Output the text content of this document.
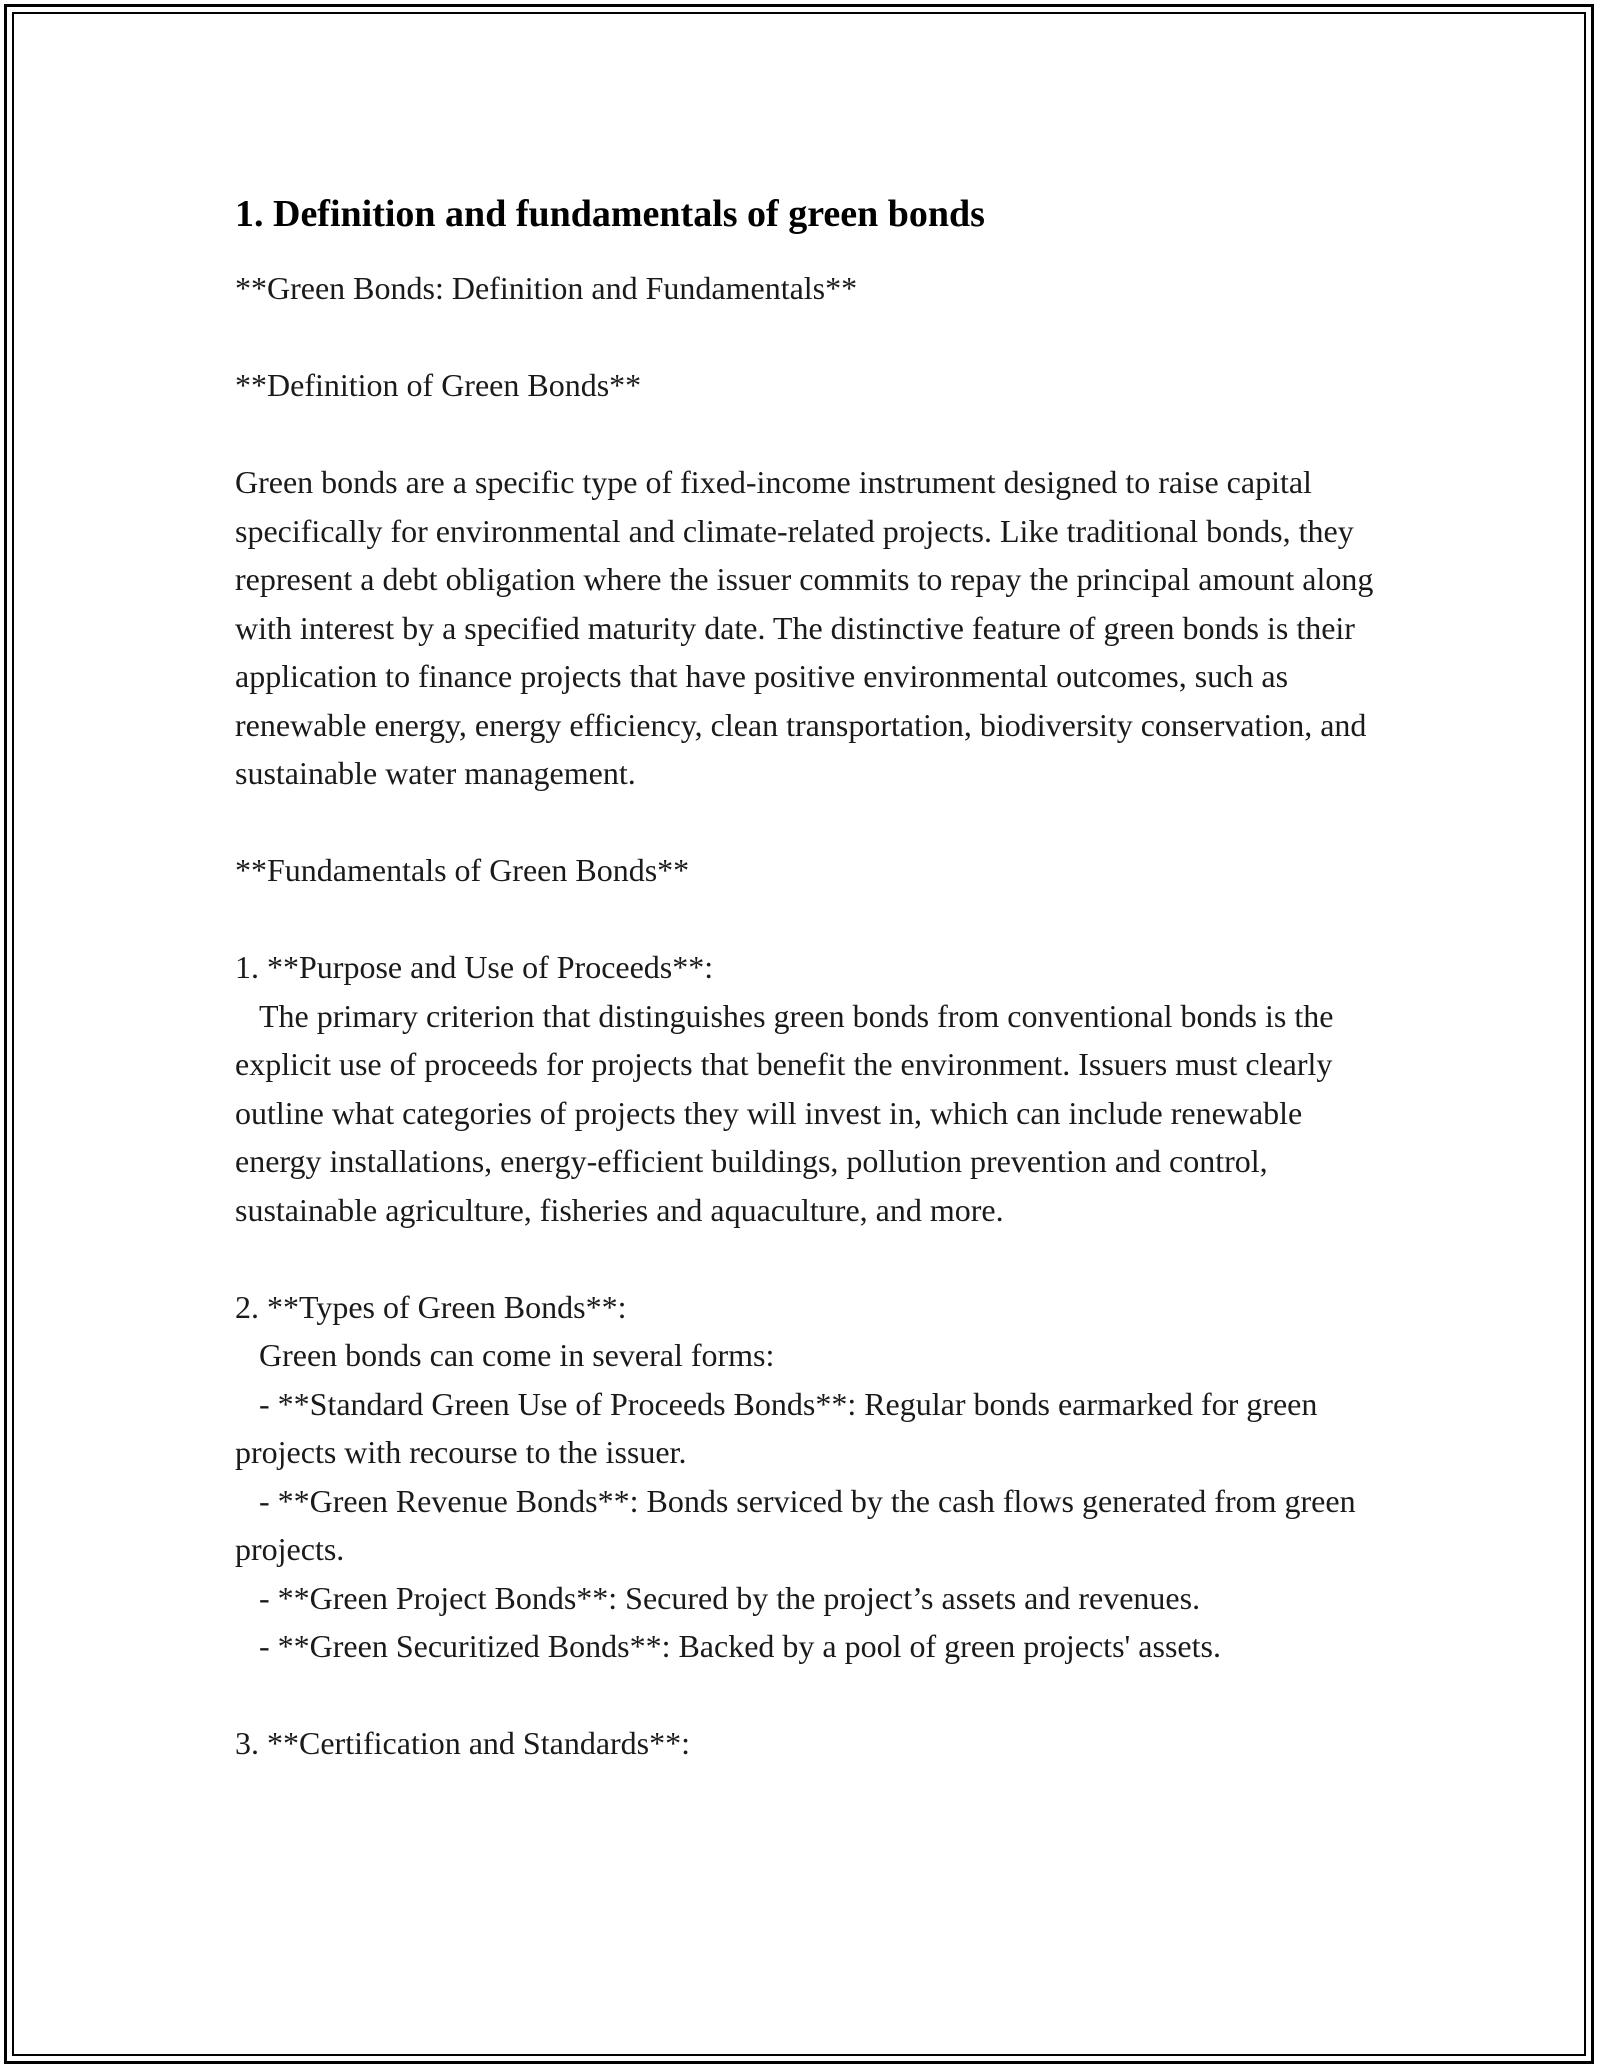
1. Definition and fundamentals of green bonds

**Green Bonds: Definition and Fundamentals**

**Definition of Green Bonds**

Green bonds are a specific type of fixed-income instrument designed to raise capital specifically for environmental and climate-related projects. Like traditional bonds, they represent a debt obligation where the issuer commits to repay the principal amount along with interest by a specified maturity date. The distinctive feature of green bonds is their application to finance projects that have positive environmental outcomes, such as renewable energy, energy efficiency, clean transportation, biodiversity conservation, and sustainable water management.

**Fundamentals of Green Bonds**

1. **Purpose and Use of Proceeds**:

The primary criterion that distinguishes green bonds from conventional bonds is the explicit use of proceeds for projects that benefit the environment. Issuers must clearly outline what categories of projects they will invest in, which can include renewable energy installations, energy-efficient buildings, pollution prevention and control, sustainable agriculture, fisheries and aquaculture, and more.

2. **Types of Green Bonds**:

Green bonds can come in several forms:

- **Standard Green Use of Proceeds Bonds**: Regular bonds earmarked for green projects with recourse to the issuer.

- **Green Revenue Bonds**: Bonds serviced by the cash flows generated from green projects.

- **Green Project Bonds**: Secured by the project’s assets and revenues.

- **Green Securitized Bonds**: Backed by a pool of green projects' assets.

3. **Certification and Standards**:
